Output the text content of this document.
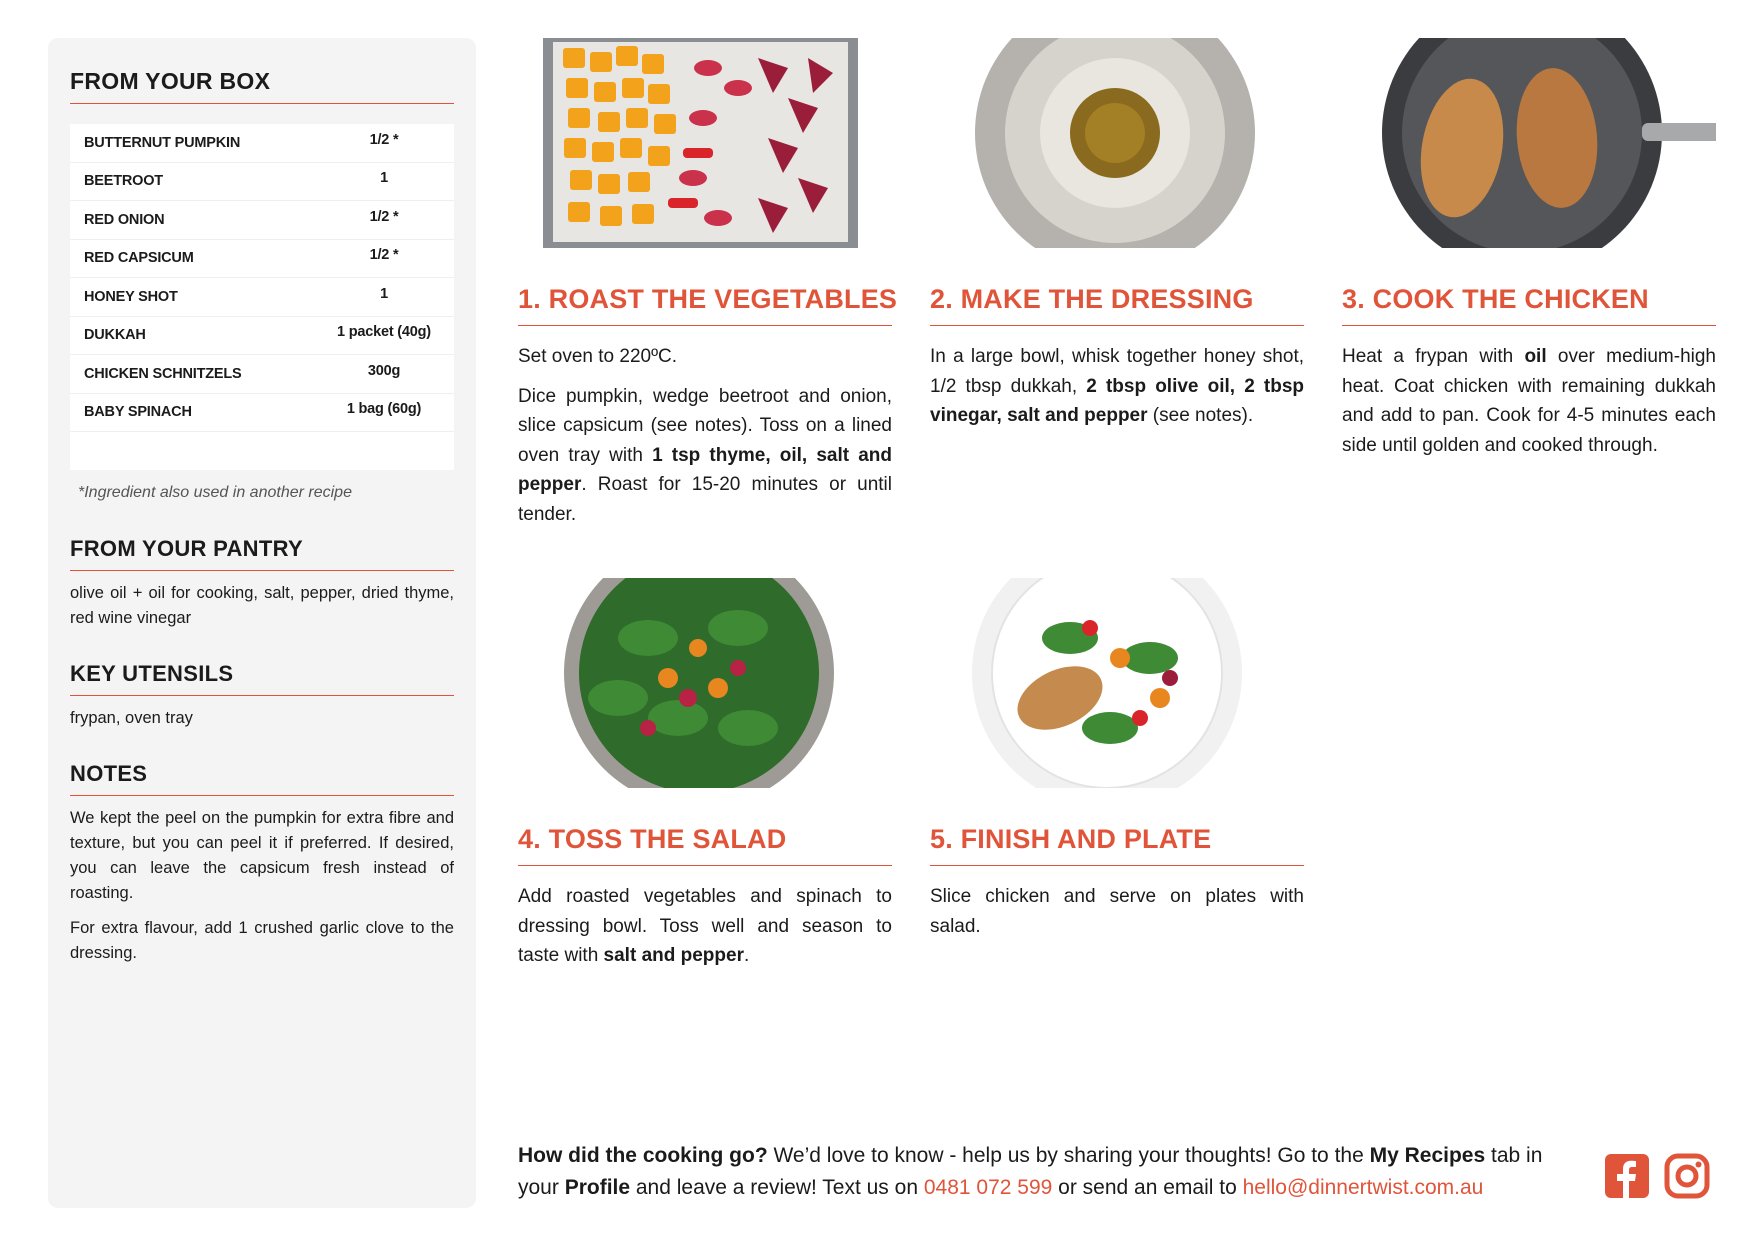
FROM YOUR BOX
BUTTERNUT PUMPKIN	1/2 *
BEETROOT	1
RED ONION	1/2 *
RED CAPSICUM	1/2 *
HONEY SHOT	1
DUKKAH	1 packet (40g)
CHICKEN SCHNITZELS	300g
BABY SPINACH	1 bag (60g)
*Ingredient also used in another recipe
FROM YOUR PANTRY
olive oil + oil for cooking, salt, pepper, dried thyme, red wine vinegar
KEY UTENSILS
frypan, oven tray
NOTES
We kept the peel on the pumpkin for extra fibre and texture, but you can peel it if preferred. If desired, you can leave the capsicum fresh instead of roasting.
For extra flavour, add 1 crushed garlic clove to the dressing.
1. ROAST THE VEGETABLES

Set oven to 220ºC.

Dice pumpkin, wedge beetroot and onion, slice capsicum (see notes). Toss on a lined oven tray with 1 tsp thyme, oil, salt and pepper. Roast for 15-20 minutes or until tender.

2. MAKE THE DRESSING

In a large bowl, whisk together honey shot, 1/2 tbsp dukkah, 2 tbsp olive oil, 2 tbsp vinegar, salt and pepper (see notes).

3. COOK THE CHICKEN

Heat a frypan with oil over medium-high heat. Coat chicken with remaining dukkah and add to pan. Cook for 4-5 minutes each side until golden and cooked through.

4. TOSS THE SALAD

Add roasted vegetables and spinach to dressing bowl. Toss well and season to taste with salt and pepper.

5. FINISH AND PLATE

Slice chicken and serve on plates with salad.

How did the cooking go? We’d love to know - help us by sharing your thoughts! Go to the My Recipes tab in your Profile and leave a review! Text us on 0481 072 599 or send an email to hello@dinnertwist.com.au
